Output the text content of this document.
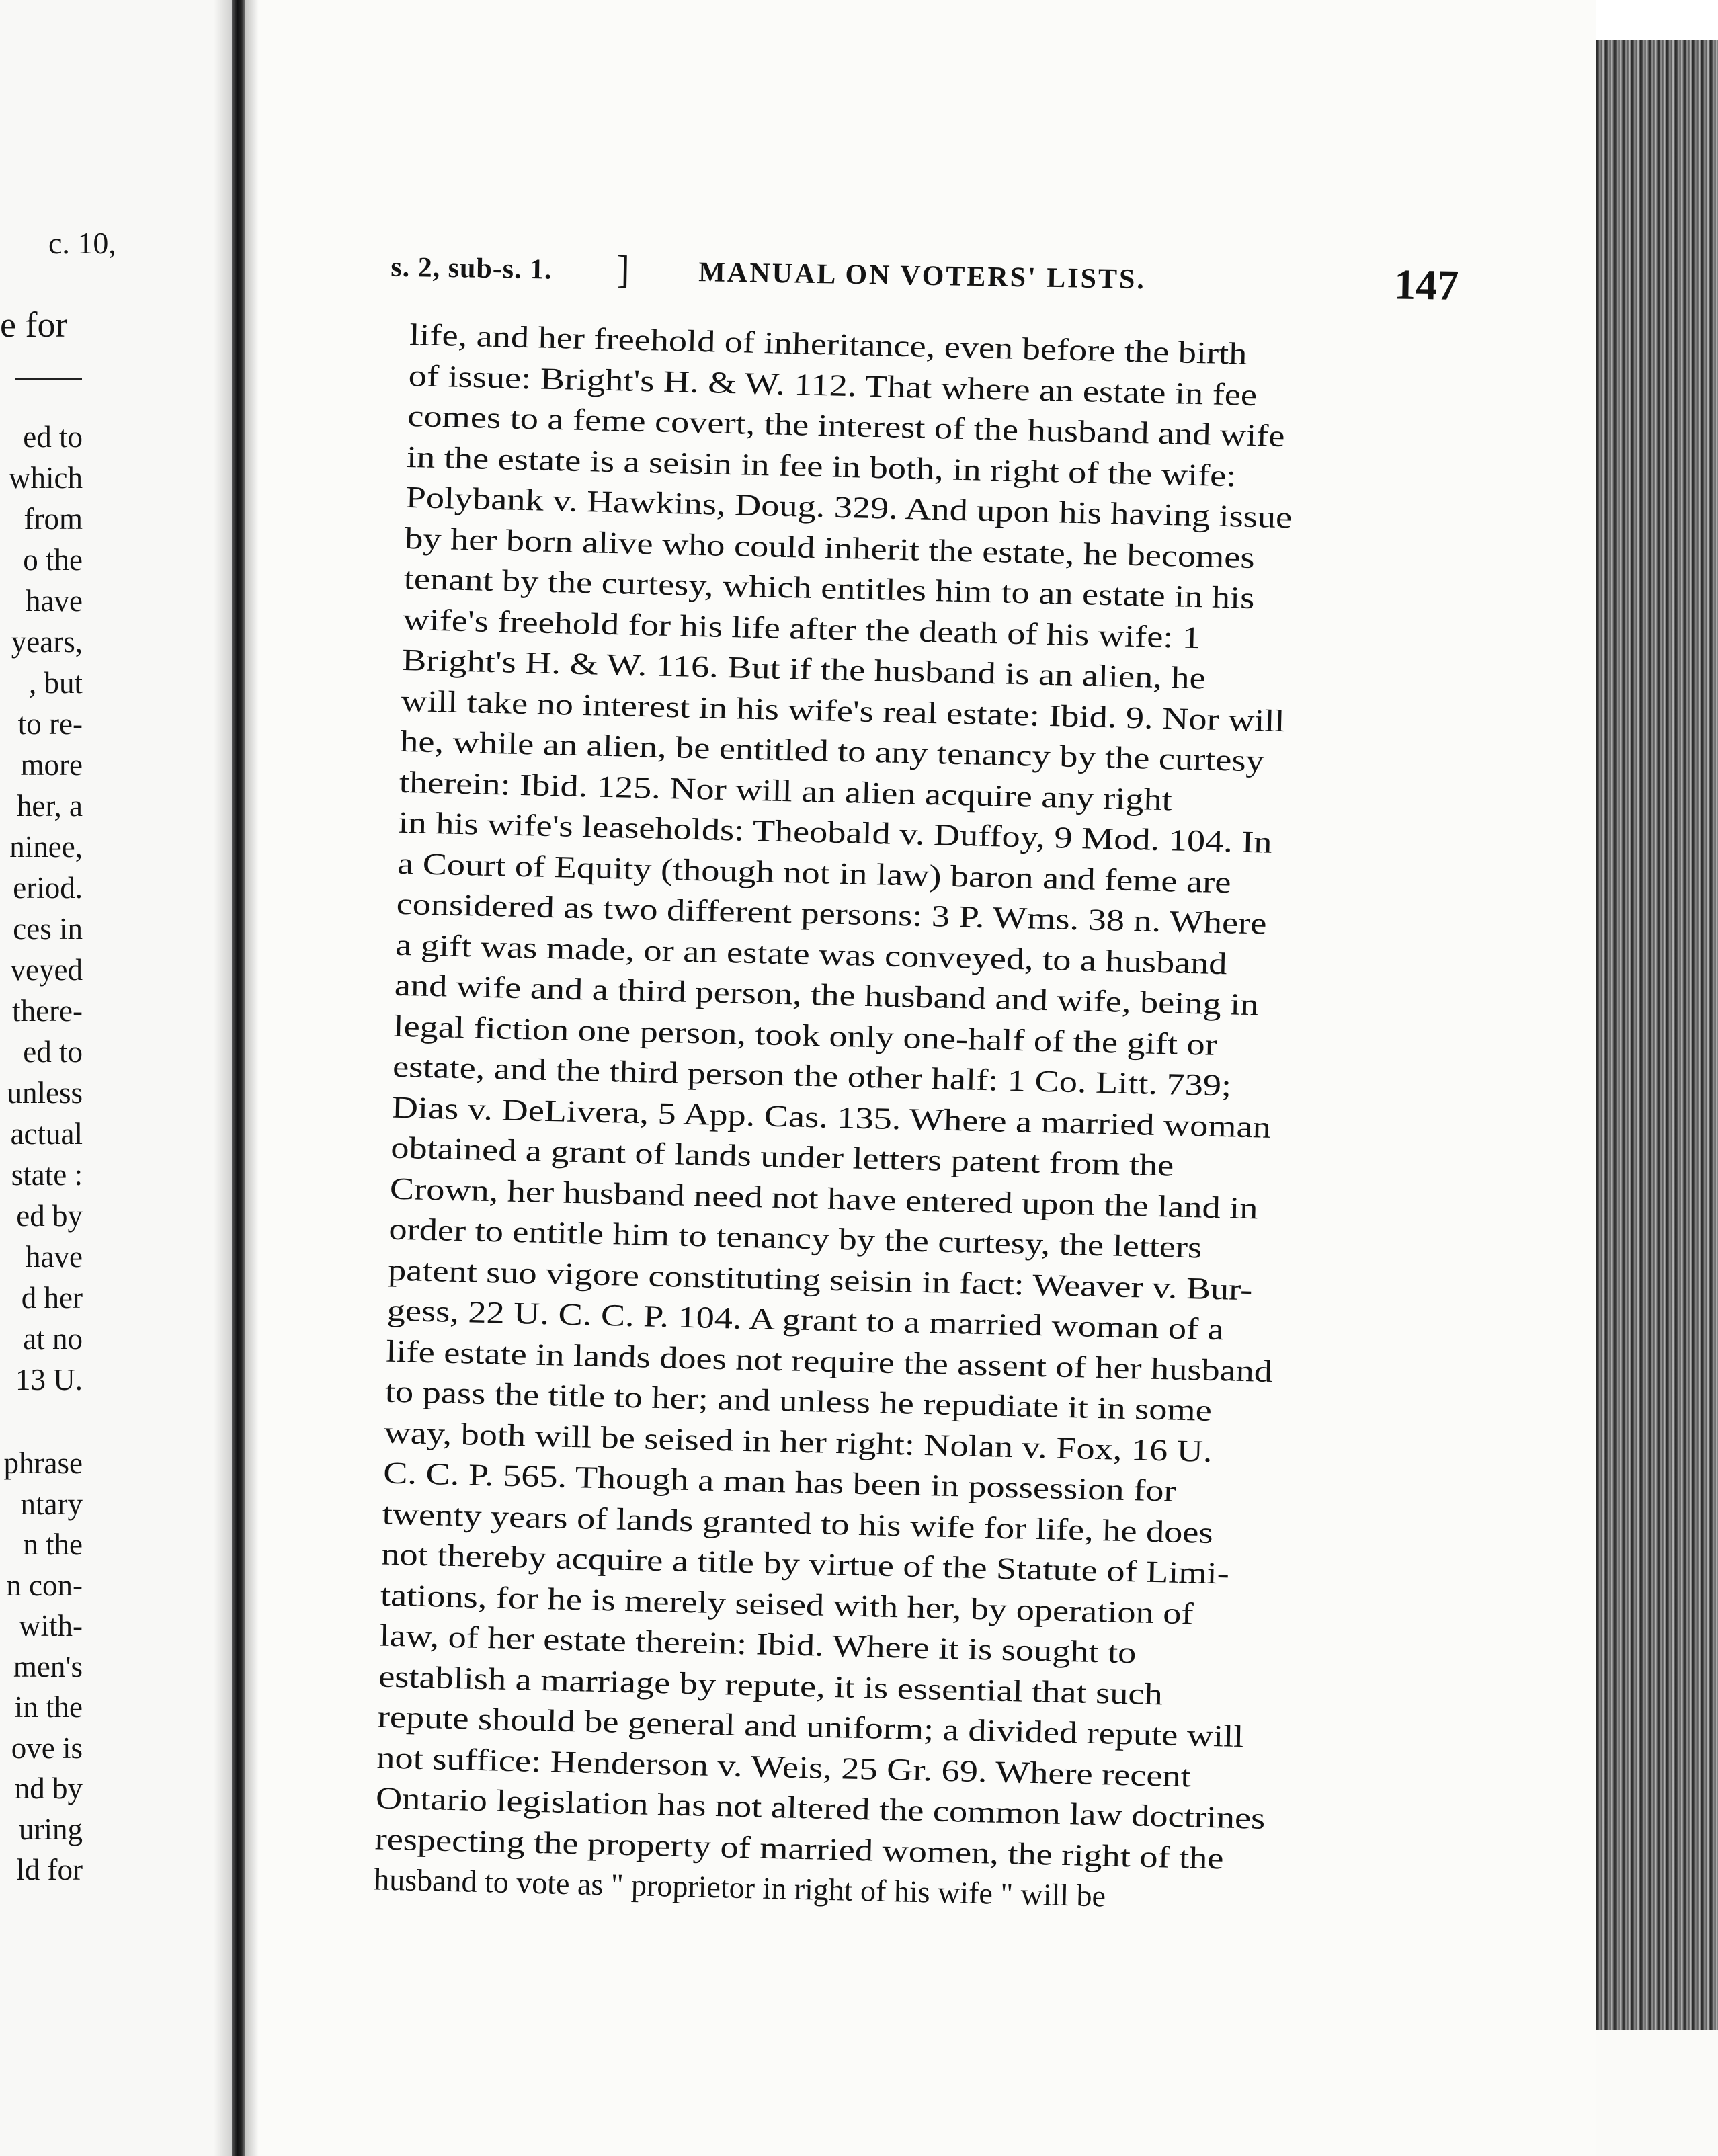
c. 10,
e for
ed to
which
from
o the
have
years,
, but
to re-
more
her, a
ninee,
eriod.
ces in
veyed
there-
ed to
unless
actual
state :
ed by
have
d her
at no
13 U.
phrase
ntary
n the
n con-
with-
men's
in the
ove is
nd by
uring
ld for
s. 2, sub-s. 1. ] MANUAL ON VOTERS' LISTS.	147
life, and her freehold of inheritance, even before the birth
of issue: Bright's H. & W. 112. That where an estate in fee
comes to a feme covert, the interest of the husband and wife
in the estate is a seisin in fee in both, in right of the wife:
Polybank v. Hawkins, Doug. 329. And upon his having issue
by her born alive who could inherit the estate, he becomes
tenant by the curtesy, which entitles him to an estate in his
wife's freehold for his life after the death of his wife: 1
Bright's H. & W. 116. But if the husband is an alien, he
will take no interest in his wife's real estate: Ibid. 9. Nor will
he, while an alien, be entitled to any tenancy by the curtesy
therein: Ibid. 125. Nor will an alien acquire any right
in his wife's leaseholds: Theobald v. Duffoy, 9 Mod. 104. In
a Court of Equity (though not in law) baron and feme are
considered as two different persons: 3 P. Wms. 38 n. Where
a gift was made, or an estate was conveyed, to a husband
and wife and a third person, the husband and wife, being in
legal fiction one person, took only one-half of the gift or
estate, and the third person the other half: 1 Co. Litt. 739;
Dias v. DeLivera, 5 App. Cas. 135. Where a married woman
obtained a grant of lands under letters patent from the
Crown, her husband need not have entered upon the land in
order to entitle him to tenancy by the curtesy, the letters
patent suo vigore constituting seisin in fact: Weaver v. Bur-
gess, 22 U. C. C. P. 104. A grant to a married woman of a
life estate in lands does not require the assent of her husband
to pass the title to her; and unless he repudiate it in some
way, both will be seised in her right: Nolan v. Fox, 16 U.
C. C. P. 565. Though a man has been in possession for
twenty years of lands granted to his wife for life, he does
not thereby acquire a title by virtue of the Statute of Limi-
tations, for he is merely seised with her, by operation of
law, of her estate therein: Ibid. Where it is sought to
establish a marriage by repute, it is essential that such
repute should be general and uniform; a divided repute will
not suffice: Henderson v. Weis, 25 Gr. 69. Where recent
Ontario legislation has not altered the common law doctrines
respecting the property of married women, the right of the
husband to vote as " proprietor in right of his wife " will be
